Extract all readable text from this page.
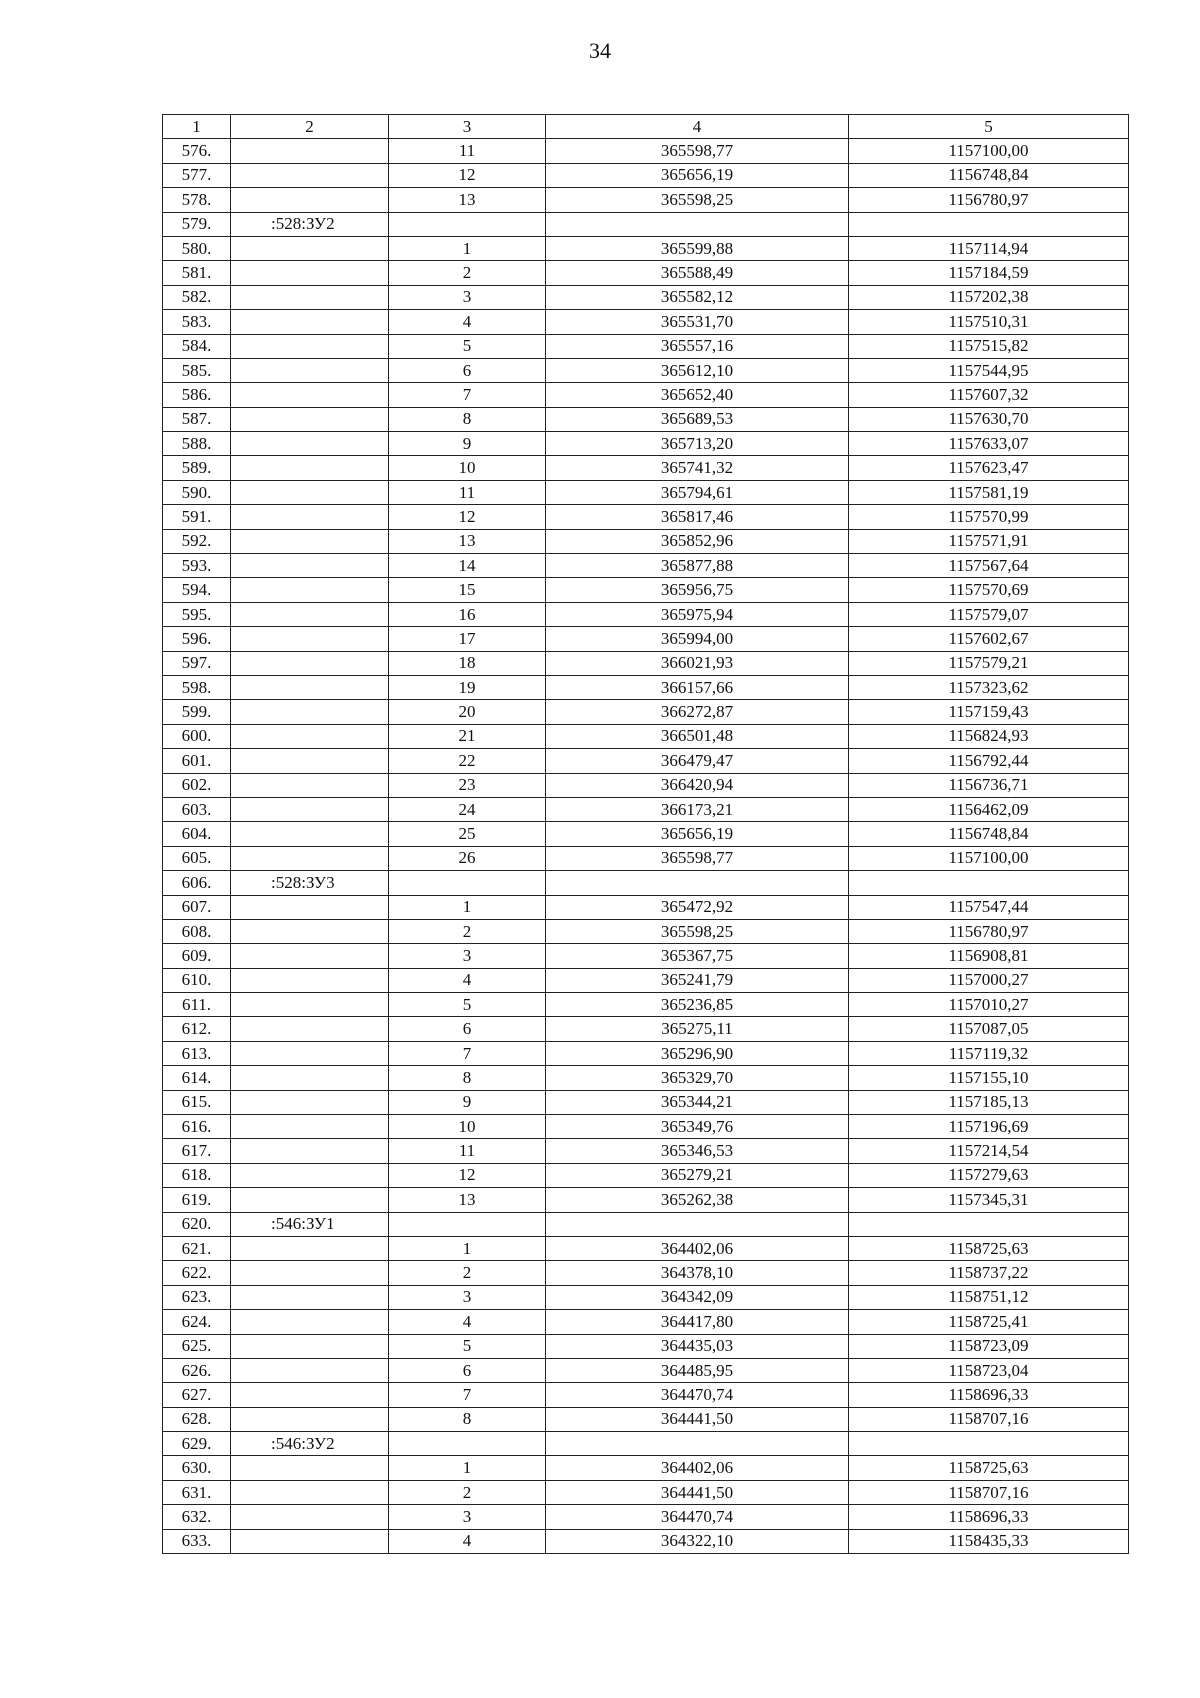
34
1	2	3	4	5
576.		11	365598,77	1157100,00
577.		12	365656,19	1156748,84
578.		13	365598,25	1156780,97
579.	:528:ЗУ2			
580.		1	365599,88	1157114,94
581.		2	365588,49	1157184,59
582.		3	365582,12	1157202,38
583.		4	365531,70	1157510,31
584.		5	365557,16	1157515,82
585.		6	365612,10	1157544,95
586.		7	365652,40	1157607,32
587.		8	365689,53	1157630,70
588.		9	365713,20	1157633,07
589.		10	365741,32	1157623,47
590.		11	365794,61	1157581,19
591.		12	365817,46	1157570,99
592.		13	365852,96	1157571,91
593.		14	365877,88	1157567,64
594.		15	365956,75	1157570,69
595.		16	365975,94	1157579,07
596.		17	365994,00	1157602,67
597.		18	366021,93	1157579,21
598.		19	366157,66	1157323,62
599.		20	366272,87	1157159,43
600.		21	366501,48	1156824,93
601.		22	366479,47	1156792,44
602.		23	366420,94	1156736,71
603.		24	366173,21	1156462,09
604.		25	365656,19	1156748,84
605.		26	365598,77	1157100,00
606.	:528:ЗУ3			
607.		1	365472,92	1157547,44
608.		2	365598,25	1156780,97
609.		3	365367,75	1156908,81
610.		4	365241,79	1157000,27
611.		5	365236,85	1157010,27
612.		6	365275,11	1157087,05
613.		7	365296,90	1157119,32
614.		8	365329,70	1157155,10
615.		9	365344,21	1157185,13
616.		10	365349,76	1157196,69
617.		11	365346,53	1157214,54
618.		12	365279,21	1157279,63
619.		13	365262,38	1157345,31
620.	:546:ЗУ1			
621.		1	364402,06	1158725,63
622.		2	364378,10	1158737,22
623.		3	364342,09	1158751,12
624.		4	364417,80	1158725,41
625.		5	364435,03	1158723,09
626.		6	364485,95	1158723,04
627.		7	364470,74	1158696,33
628.		8	364441,50	1158707,16
629.	:546:ЗУ2			
630.		1	364402,06	1158725,63
631.		2	364441,50	1158707,16
632.		3	364470,74	1158696,33
633.		4	364322,10	1158435,33
